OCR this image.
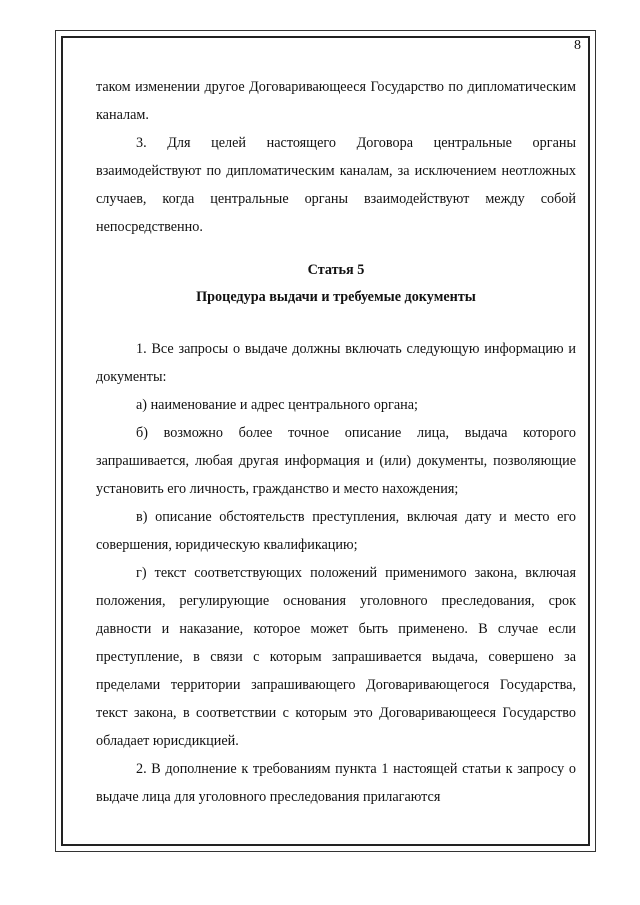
8

таком изменении другое Договаривающееся Государство по дипломатическим каналам.

3. Для целей настоящего Договора центральные органы взаимодействуют по дипломатическим каналам, за исключением неотложных случаев, когда центральные органы взаимодействуют между собой непосредственно.

Статья 5
Процедура выдачи и требуемые документы

1. Все запросы о выдаче должны включать следующую информацию и документы:

а) наименование и адрес центрального органа;

б) возможно более точное описание лица, выдача которого запрашивается, любая другая информация и (или) документы, позволяющие установить его личность, гражданство и место нахождения;

в) описание обстоятельств преступления, включая дату и место его совершения, юридическую квалификацию;

г) текст соответствующих положений применимого закона, включая положения, регулирующие основания уголовного преследования, срок давности и наказание, которое может быть применено. В случае если преступление, в связи с которым запрашивается выдача, совершено за пределами территории запрашивающего Договаривающегося Государства, текст закона, в соответствии с которым это Договаривающееся Государство обладает юрисдикцией.

2. В дополнение к требованиям пункта 1 настоящей статьи к запросу о выдаче лица для уголовного преследования прилагаются
